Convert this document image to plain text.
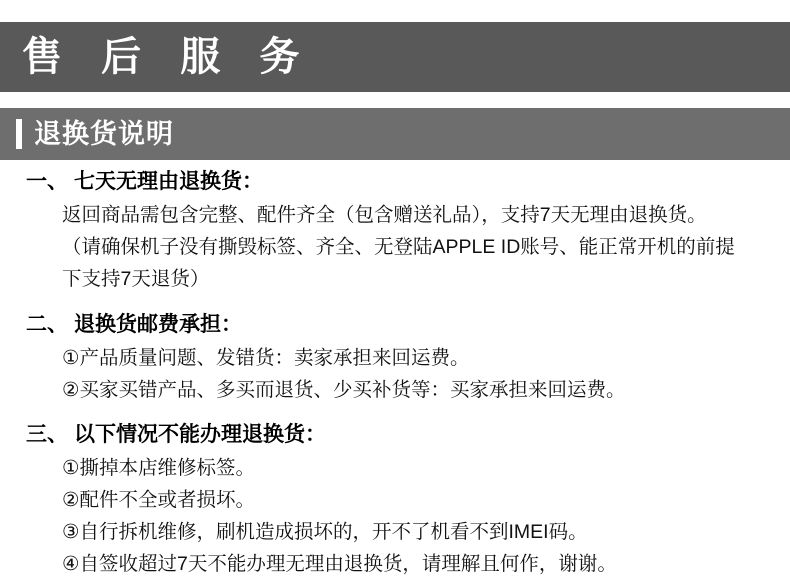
售 后 服 务
退换货说明
一、 七天无理由退换货：

返回商品需包含完整、配件齐全（包含赠送礼品），支持7天无理由退换货。

（请确保机子没有撕毁标签、齐全、无登陆APPLE ID账号、能正常开机的前提

下支持7天退货）

二、 退换货邮费承担：

①产品质量问题、发错货：卖家承担来回运费。

②买家买错产品、多买而退货、少买补货等：买家承担来回运费。

三、 以下情况不能办理退换货：

①撕掉本店维修标签。

②配件不全或者损坏。

③自行拆机维修，刷机造成损坏的，开不了机看不到IMEI码。

④自签收超过7天不能办理无理由退换货，请理解且何作，谢谢。
